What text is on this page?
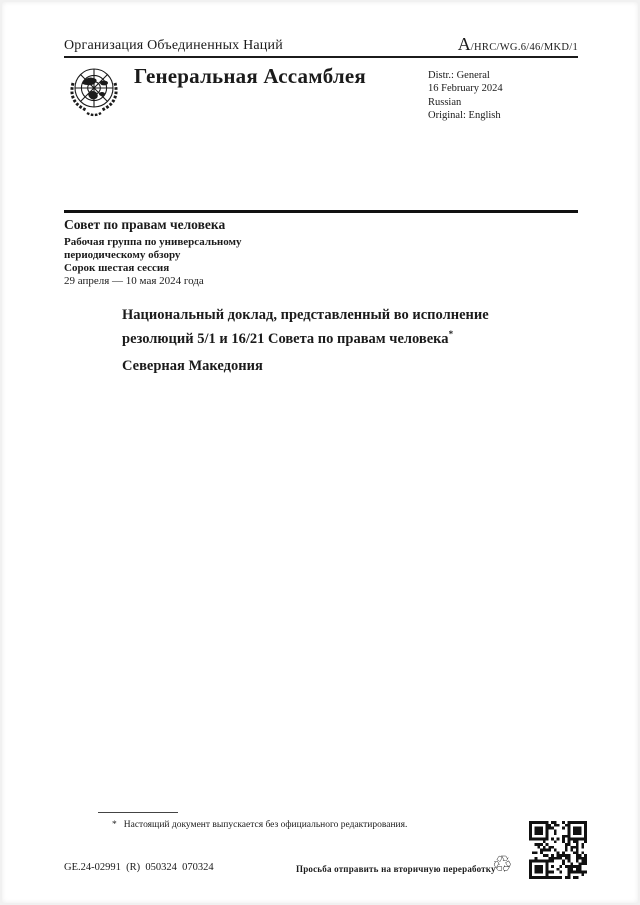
Организация Объединенных Наций	A/HRC/WG.6/46/MKD/1
Генеральная Ассамблея	Distr.: General
16 February 2024
Russian
Original: English
Совет по правам человека
Рабочая группа по универсальному
периодическому обзору
Сорок шестая сессия
29 апреля — 10 мая 2024 года
Национальный доклад, представленный во исполнение резолюций 5/1 и 16/21 Совета по правам человека*
Северная Македония
* Настоящий документ выпускается без официального редактирования.
GE.24-02991  (R)  050324  070324	Просьба отправить на вторичную переработку
♲
